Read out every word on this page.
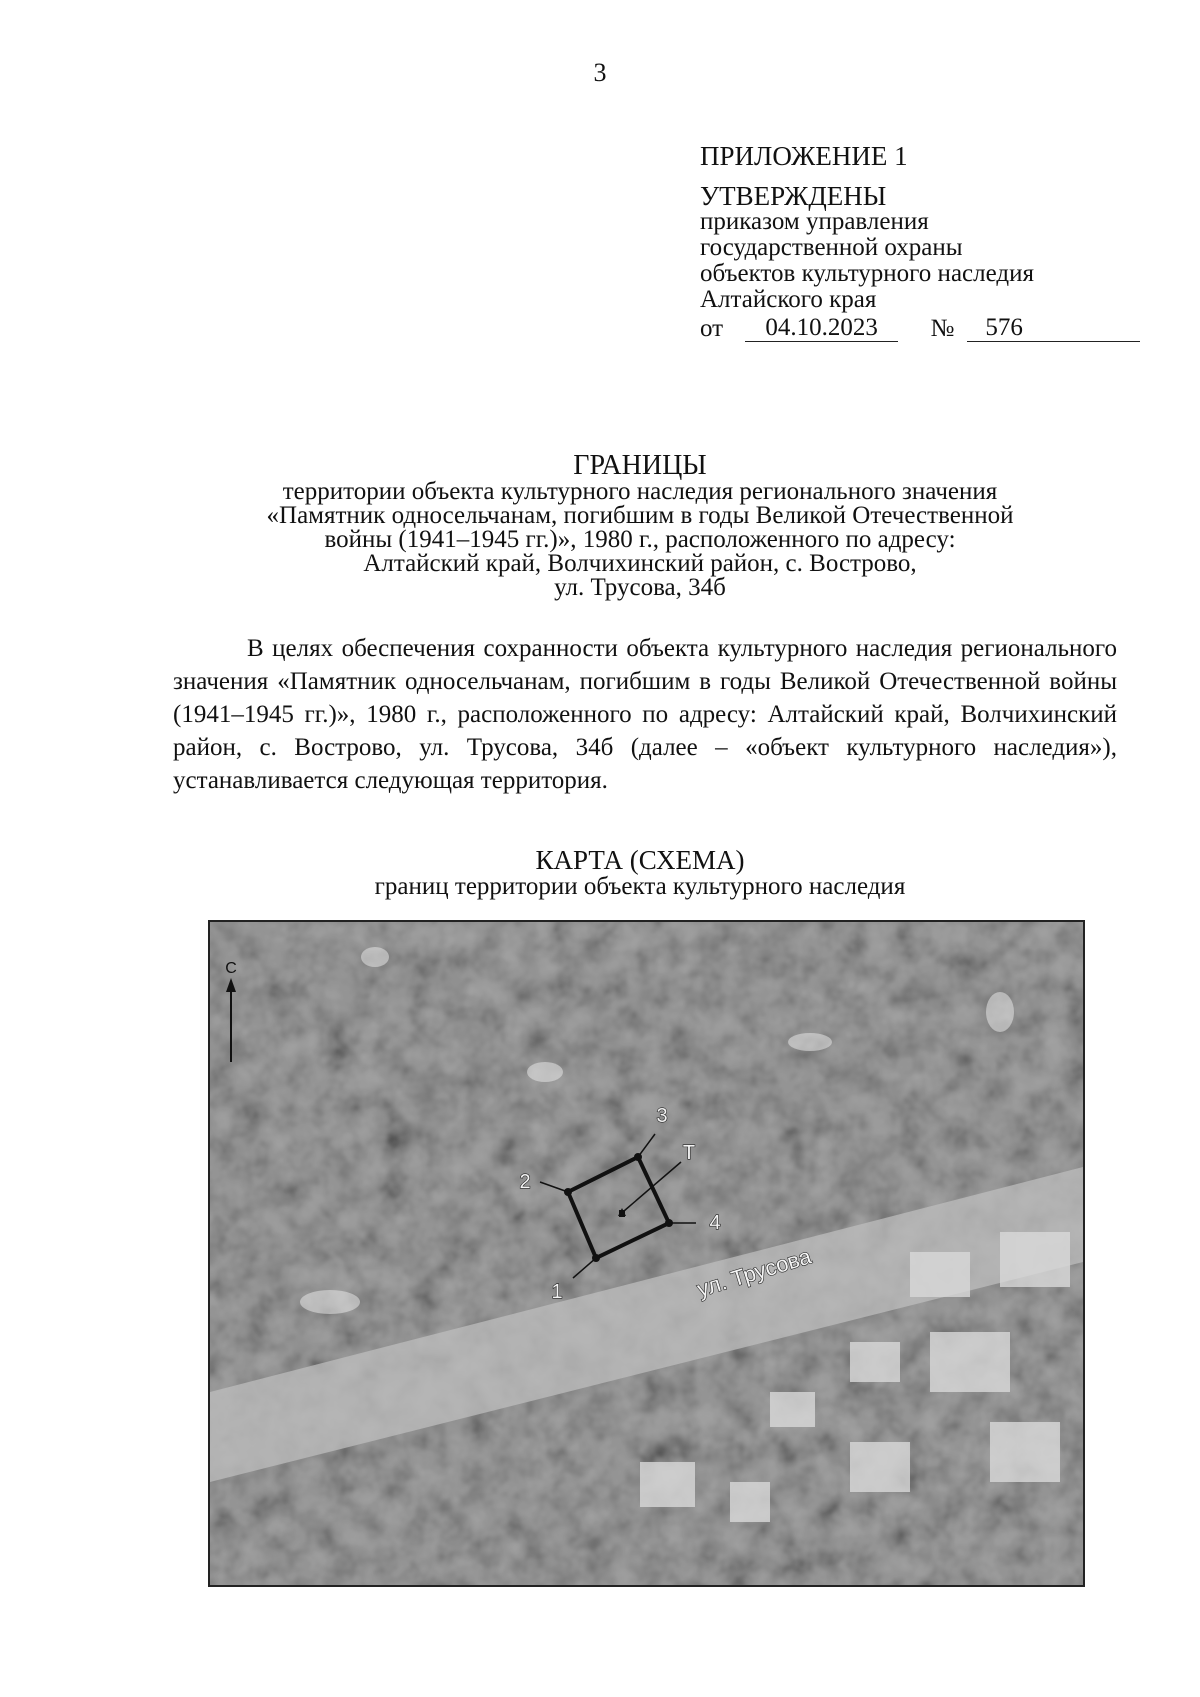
3
ПРИЛОЖЕНИЕ 1
УТВЕРЖДЕНЫ
приказом управления
государственной охраны
объектов культурного наследия
Алтайского края
от	04.10.2023	№	576
ГРАНИЦЫ
территории объекта культурного наследия регионального значения
«Памятник односельчанам, погибшим в годы Великой Отечественной
войны (1941–1945 гг.)», 1980 г., расположенного по адресу:
Алтайский край, Волчихинский район, с. Вострово,
ул. Трусова, 34б

В целях обеспечения сохранности объекта культурного наследия регионального значения «Памятник односельчанам, погибшим в годы Великой Отечественной войны (1941–1945 гг.)», 1980 г., расположенного по адресу: Алтайский край, Волчихинский район, с. Вострово, ул. Трусова, 34б (далее – «объект культурного наследия»), устанавливается следующая территория.

КАРТА (СХЕМА)
границ территории объекта культурного наследия
С
1
2
3
4
Т
ул. Трусова
